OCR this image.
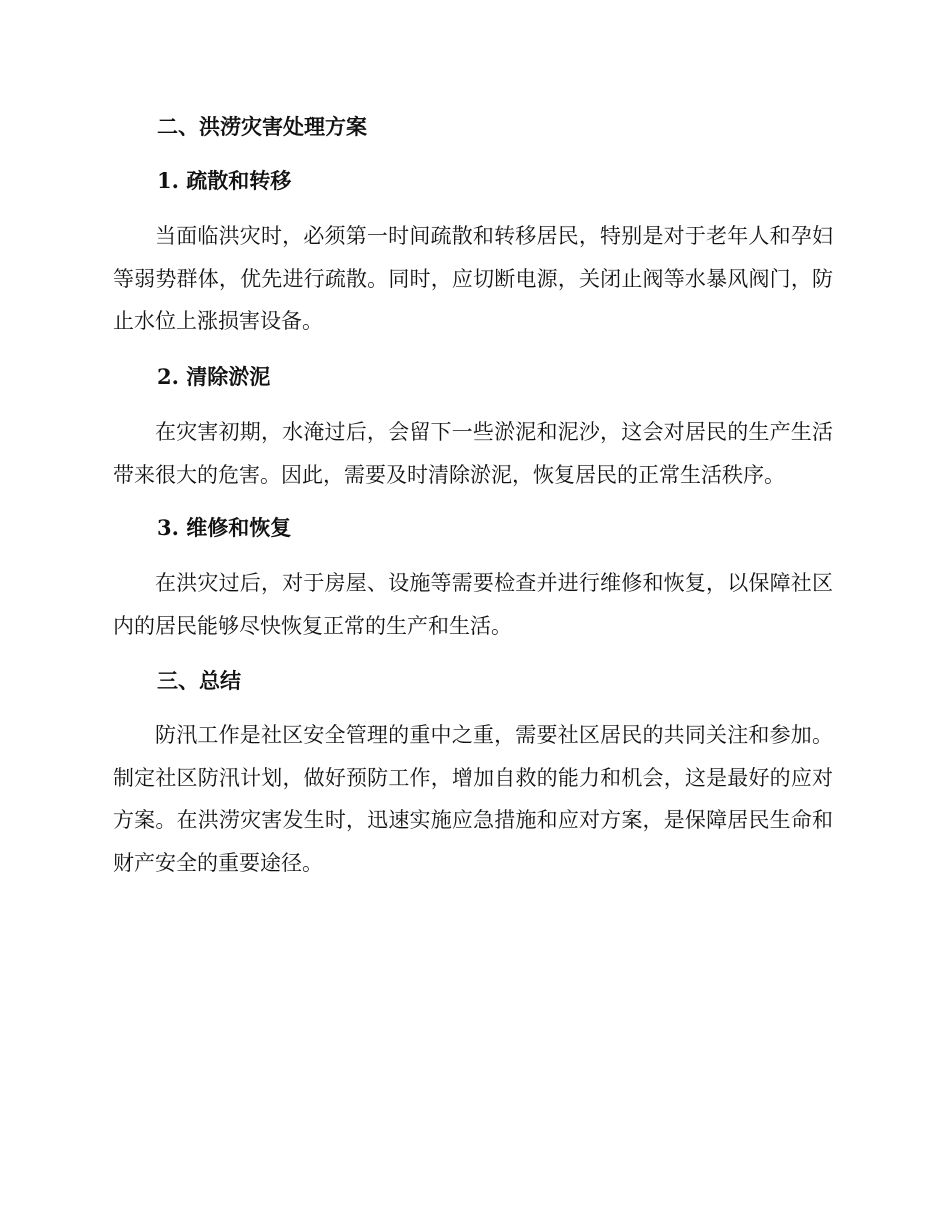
二、洪涝灾害处理方案
1. 疏散和转移

当面临洪灾时，必须第一时间疏散和转移居民，特别是对于老年人和孕妇等弱势群体，优先进行疏散。同时，应切断电源，关闭止阀等水暴风阀门，防止水位上涨损害设备。

2. 清除淤泥

在灾害初期，水淹过后，会留下一些淤泥和泥沙，这会对居民的生产生活带来很大的危害。因此，需要及时清除淤泥，恢复居民的正常生活秩序。

3. 维修和恢复

在洪灾过后，对于房屋、设施等需要检查并进行维修和恢复，以保障社区内的居民能够尽快恢复正常的生产和生活。

三、总结

防汛工作是社区安全管理的重中之重，需要社区居民的共同关注和参加。制定社区防汛计划，做好预防工作，增加自救的能力和机会，这是最好的应对方案。在洪涝灾害发生时，迅速实施应急措施和应对方案，是保障居民生命和财产安全的重要途径。
